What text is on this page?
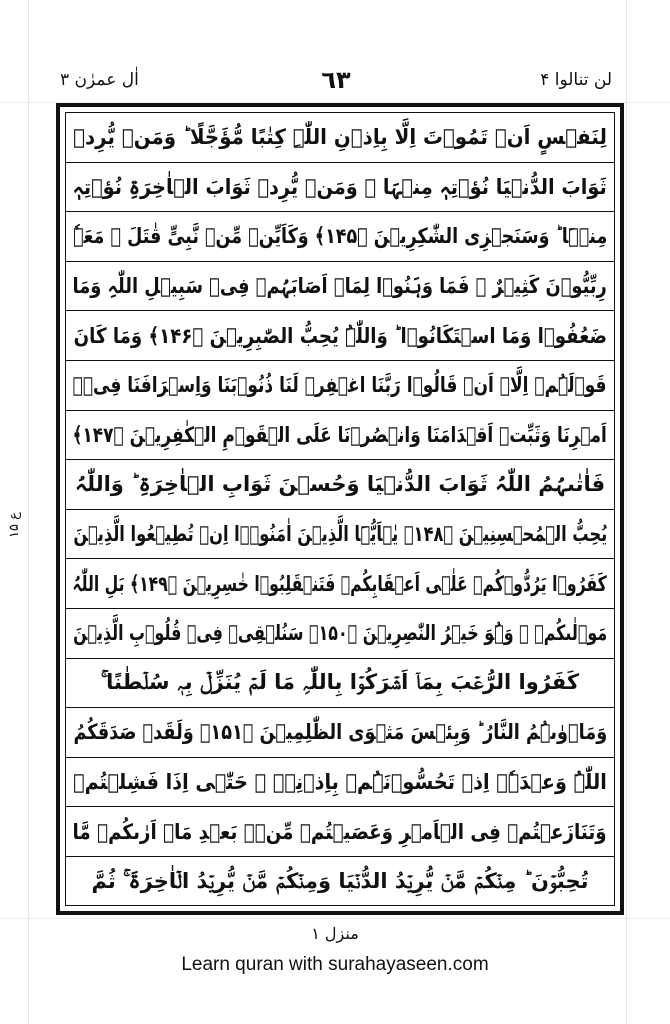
لن تنالوا ۴
٦٣
اٰل عمرٰن ۳
ع ۱۵
لِنَفۡسٍ اَنۡ تَمُوۡتَ اِلَّا بِاِذۡنِ اللّٰہِ کِتٰبًا مُّؤَجَّلًا ؕ وَمَنۡ یُّرِدۡ
ثَوَابَ الدُّنۡیَا نُؤۡتِہٖ مِنۡہَا ۚ وَمَنۡ یُّرِدۡ ثَوَابَ الۡاٰخِرَۃِ نُؤۡتِہٖ
مِنۡہَا ؕ وَسَنَجۡزِی الشّٰکِرِیۡنَ ﴿۱۴۵﴾ وَکَاَیِّنۡ مِّنۡ نَّبِیٍّ قٰتَلَ ۙ مَعَہٗ
رِبِّیُّوۡنَ کَثِیۡرٌ ۚ فَمَا وَہَنُوۡا لِمَاۤ اَصَابَہُمۡ فِیۡ سَبِیۡلِ اللّٰہِ وَمَا
ضَعُفُوۡا وَمَا اسۡتَکَانُوۡا ؕ وَاللّٰہُ یُحِبُّ الصّٰبِرِیۡنَ ﴿۱۴۶﴾ وَمَا کَانَ
قَوۡلَہُمۡ اِلَّاۤ اَنۡ قَالُوۡا رَبَّنَا اغۡفِرۡ لَنَا ذُنُوۡبَنَا وَاِسۡرَافَنَا فِیۡۤ
اَمۡرِنَا وَثَبِّتۡ اَقۡدَامَنَا وَانۡصُرۡنَا عَلَی الۡقَوۡمِ الۡکٰفِرِیۡنَ ﴿۱۴۷﴾
فَاٰتٰىہُمُ اللّٰہُ ثَوَابَ الدُّنۡیَا وَحُسۡنَ ثَوَابِ الۡاٰخِرَۃِ ؕ وَاللّٰہُ
یُحِبُّ الۡمُحۡسِنِیۡنَ ﴿۱۴۸﴾ یٰۤاَیُّہَا الَّذِیۡنَ اٰمَنُوۡۤا اِنۡ تُطِیۡعُوا الَّذِیۡنَ
کَفَرُوۡا یَرُدُّوۡکُمۡ عَلٰۤی اَعۡقَابِکُمۡ فَتَنۡقَلِبُوۡا خٰسِرِیۡنَ ﴿۱۴۹﴾ بَلِ اللّٰہُ
مَوۡلٰىکُمۡ ۚ وَہُوَ خَیۡرُ النّٰصِرِیۡنَ ﴿۱۵۰﴾ سَنُلۡقِیۡ فِیۡ قُلُوۡبِ الَّذِیۡنَ
کَفَرُوا الرُّعۡبَ بِمَاۤ اَشۡرَکُوۡا بِاللّٰہِ مَا لَمۡ یُنَزِّلۡ بِہٖ سُلۡطٰنًا ۚ
وَمَاۡوٰىہُمُ النَّارُ ؕ وَبِئۡسَ مَثۡوَی الظّٰلِمِیۡنَ ﴿۱۵۱﴾ وَلَقَدۡ صَدَقَکُمُ
اللّٰہُ وَعۡدَہٗۤ اِذۡ تَحُسُّوۡنَہُمۡ بِاِذۡنِہٖ ۚ حَتّٰۤی اِذَا فَشِلۡتُمۡ
وَتَنَازَعۡتُمۡ فِی الۡاَمۡرِ وَعَصَیۡتُمۡ مِّنۡۢ بَعۡدِ مَاۤ اَرٰىکُمۡ مَّا
تُحِبُّوۡنَ ؕ مِنۡکُمۡ مَّنۡ یُّرِیۡدُ الدُّنۡیَا وَمِنۡکُمۡ مَّنۡ یُّرِیۡدُ الۡاٰخِرَۃَ ۚ ثُمَّ
منزل ۱
Learn quran with surahayaseen.com
